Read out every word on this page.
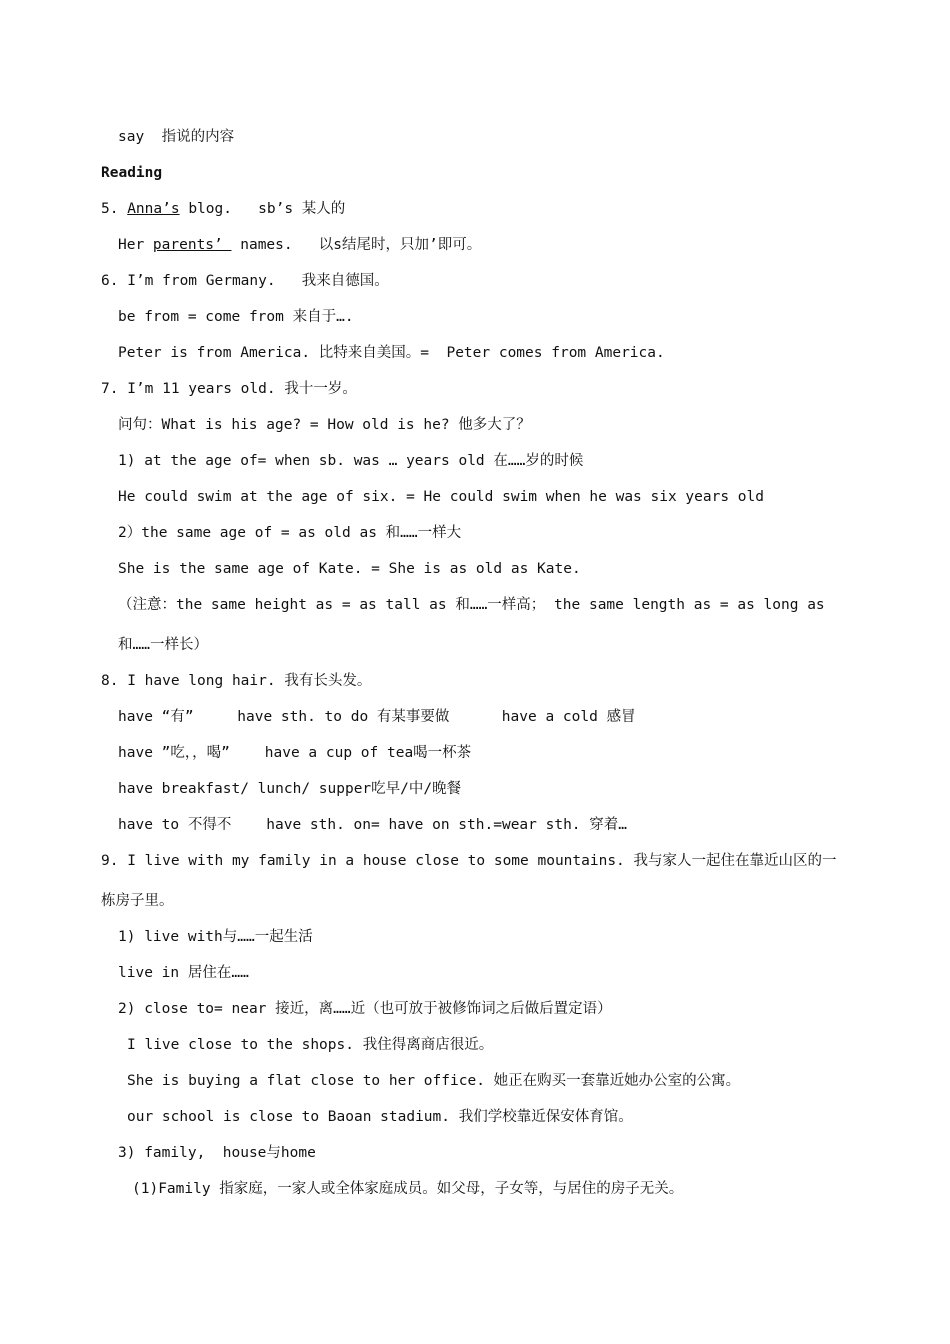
say  指说的内容
Reading
5. Anna’s blog.   sb’s 某人的
Her parents’  names.   以s结尾时，只加’即可。
6. I’m from Germany.   我来自德国。
be from = come from 来自于….
Peter is from America. 比特来自美国。=  Peter comes from America.
7. I’m 11 years old. 我十一岁。
问句：What is his age? = How old is he? 他多大了？
1) at the age of= when sb. was … years old 在……岁的时候
He could swim at the age of six. = He could swim when he was six years old
2）the same age of = as old as 和……一样大
She is the same age of Kate. = She is as old as Kate.
（注意：the same height as = as tall as 和……一样高； the same length as = as long as
和……一样长）
8. I have long hair. 我有长头发。
have “有”     have sth. to do 有某事要做      have a cold 感冒
have ”吃，，喝”    have a cup of tea喝一杯茶
have breakfast/ lunch/ supper吃早/中/晚餐
have to 不得不    have sth. on= have on sth.=wear sth. 穿着…
9. I live with my family in a house close to some mountains. 我与家人一起住在靠近山区的一
栋房子里。
1) live with与……一起生活
live in 居住在……
2) close to= near 接近，离……近（也可放于被修饰词之后做后置定语）
I live close to the shops. 我住得离商店很近。
She is buying a flat close to her office. 她正在购买一套靠近她办公室的公寓。
our school is close to Baoan stadium. 我们学校靠近保安体育馆。
3) family,  house与home
(1)Family 指家庭，一家人或全体家庭成员。如父母，子女等，与居住的房子无关。
